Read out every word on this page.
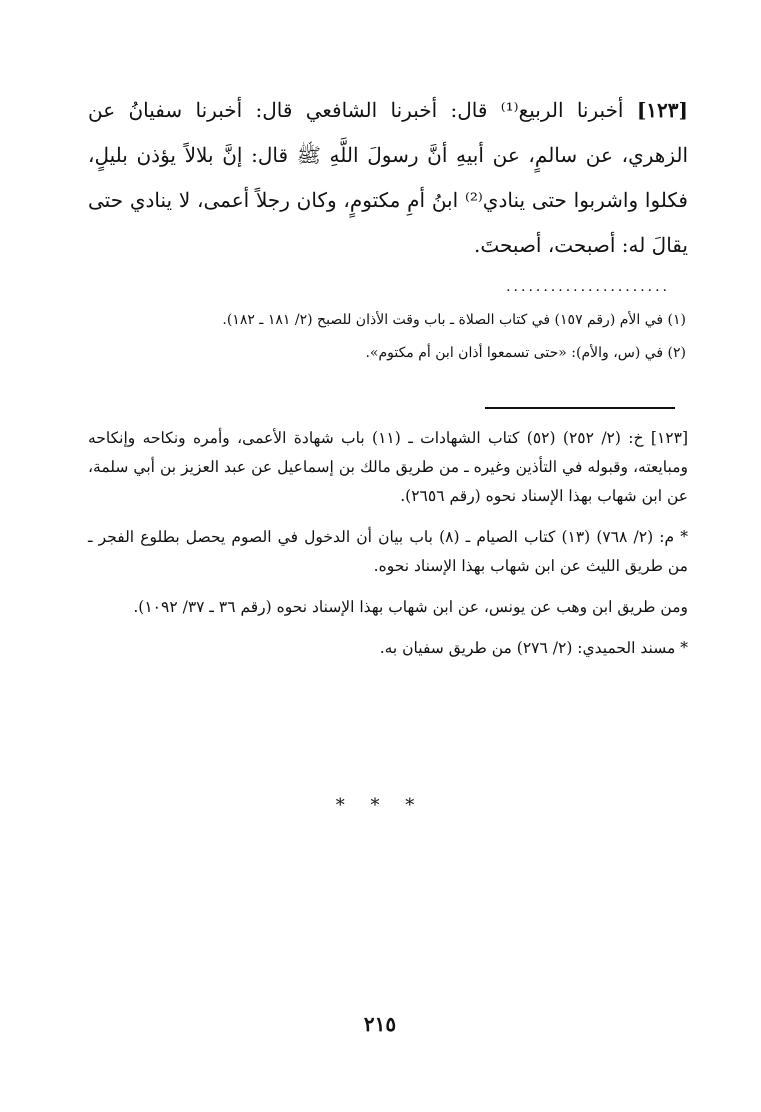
[١٢٣] أخبرنا الربيع⁽¹⁾ قال: أخبرنا الشافعي قال: أخبرنا سفيانُ عن الزهري، عن سالمٍ، عن أبيهِ أنَّ رسولَ اللَّهِ ﷺ قال: إنَّ بلالاً يؤذن بليلٍ، فكلوا واشربوا حتى ينادي⁽²⁾ ابنُ أمِ مكتومٍ، وكان رجلاً أعمى، لا ينادي حتى يقالَ له: أصبحت، أصبحتَ.

......................

(١) في الأم (رقم ١٥٧) في كتاب الصلاة ـ باب وقت الأذان للصبح (٢/ ١٨١ ـ ١٨٢).

(٢) في (س، والأم): «حتى تسمعوا أذان ابن أم مكتوم».

[١٢٣] خ: (٢/ ٢٥٢) (٥٢) كتاب الشهادات ـ (١١) باب شهادة الأعمى، وأمره ونكاحه وإنكاحه ومبايعته، وقبوله في التأذين وغيره ـ من طريق مالك بن إسماعيل عن عبد العزيز بن أبي سلمة، عن ابن شهاب بهذا الإسناد نحوه (رقم ٢٦٥٦).

* م: (٢/ ٧٦٨) (١٣) كتاب الصيام ـ (٨) باب بيان أن الدخول في الصوم يحصل بطلوع الفجر ـ من طريق الليث عن ابن شهاب بهذا الإسناد نحوه.

ومن طريق ابن وهب عن يونس، عن ابن شهاب بهذا الإسناد نحوه (رقم ٣٦ ـ ٣٧/ ١٠٩٢).

* مسند الحميدي: (٢/ ٢٧٦) من طريق سفيان به.

* * *
٢١٥
